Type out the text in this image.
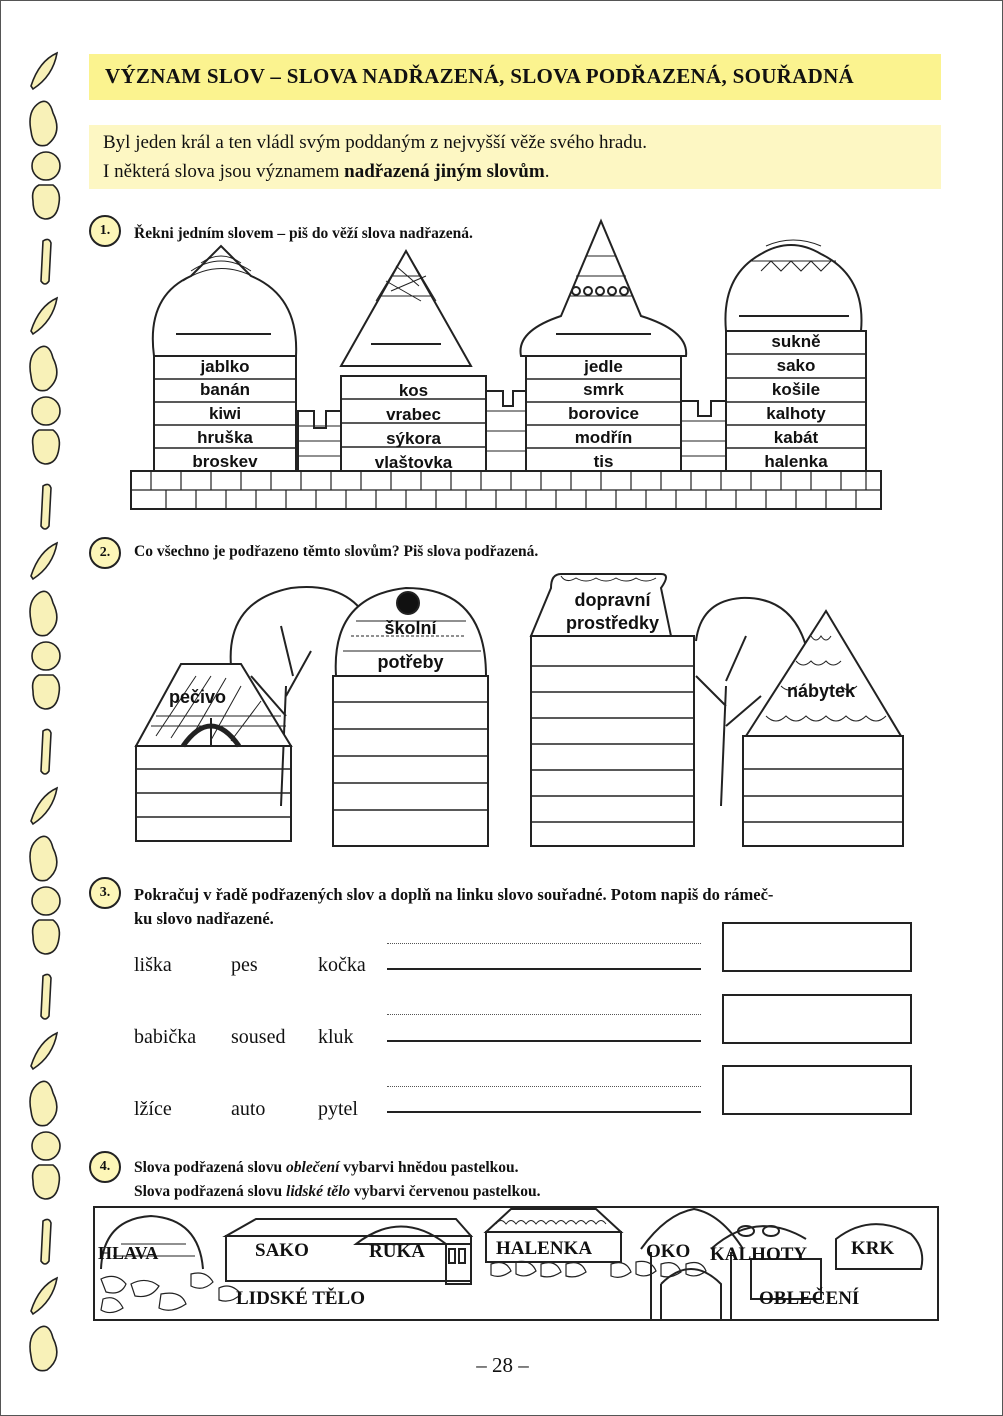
VÝZNAM SLOV – SLOVA NADŘAZENÁ, SLOVA PODŘAZENÁ, SOUŘADNÁ
Byl jeden král a ten vládl svým poddaným z nejvyšší věže svého hradu.
I některá slova jsou významem nadřazená jiným slovům.
1.	Řekni jedním slovem – piš do věží slova nadřazená.
jablko
banán
kiwi
hruška
broskev
kos
vrabec
sýkora
vlaštovka
jedle
smrk
borovice
modřín
tis
sukně
sako
košile
kalhoty
kabát
halenka
2.	Co všechno je podřazeno těmto slovům? Piš slova podřazená.
pečivo
školní
potřeby
dopravní
prostředky
nábytek
3.	Pokračuj v řadě podřazených slov a doplň na linku slovo souřadné. Potom napiš do rámeč-
ku slovo nadřazené.
liška	pes	kočka
babička soused kluk
lžíce	auto	pytel
4.	Slova podřazená slovu oblečení vybarvi hnědou pastelkou.
Slova podřazená slovu lidské tělo vybarvi červenou pastelkou.
HLAVA	SAKO	RUKA	HALENKA	OKO KALHOTY KRK
LIDSKÉ TĚLO	OBLEČENÍ
– 28 –
